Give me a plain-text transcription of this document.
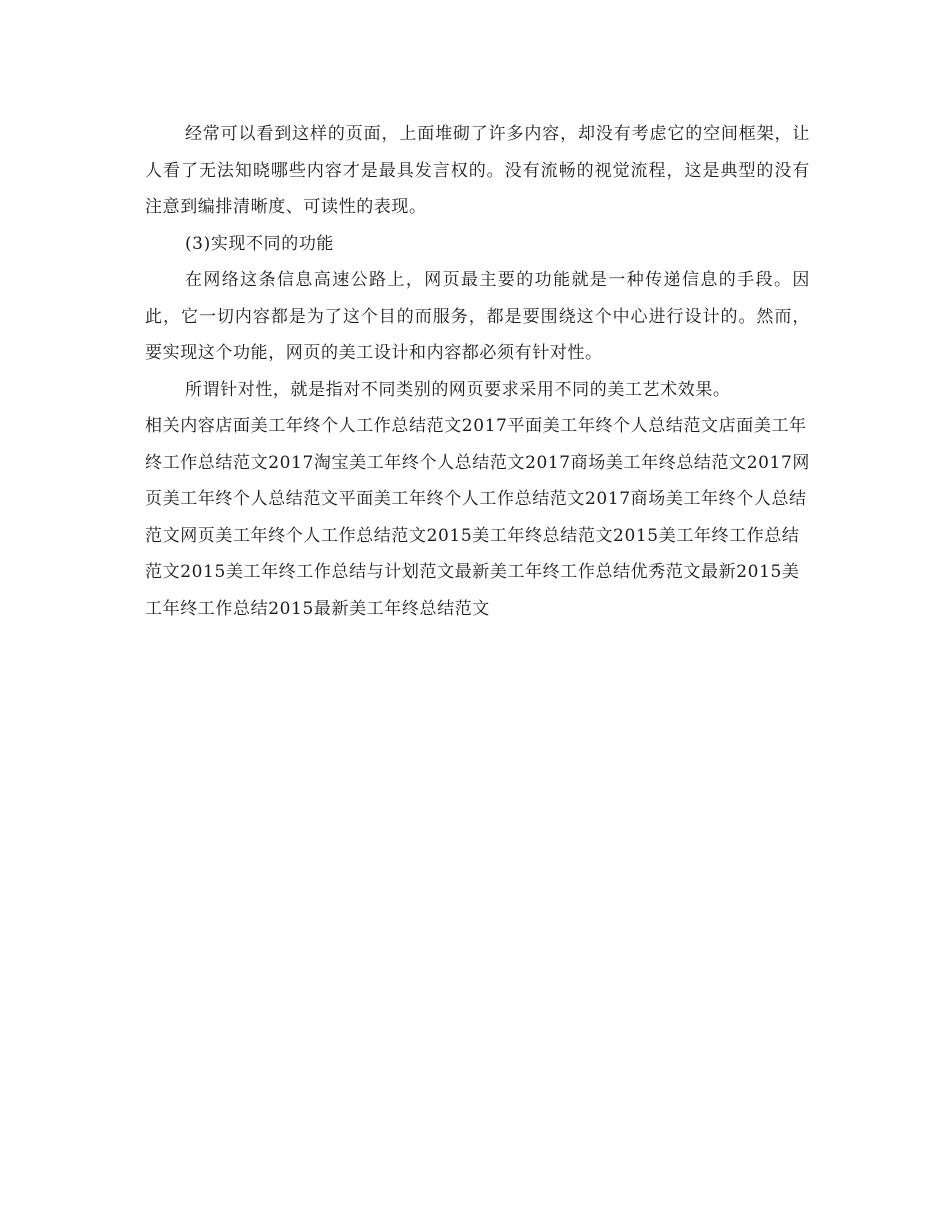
经常可以看到这样的页面，上面堆砌了许多内容，却没有考虑它的空间框架，让人看了无法知晓哪些内容才是最具发言权的。没有流畅的视觉流程，这是典型的没有注意到编排清晰度、可读性的表现。

(3)实现不同的功能

在网络这条信息高速公路上，网页最主要的功能就是一种传递信息的手段。因此，它一切内容都是为了这个目的而服务，都是要围绕这个中心进行设计的。然而，要实现这个功能，网页的美工设计和内容都必须有针对性。

所谓针对性，就是指对不同类别的网页要求采用不同的美工艺术效果。

相关内容店面美工年终个人工作总结范文2017平面美工年终个人总结范文店面美工年终工作总结范文2017淘宝美工年终个人总结范文2017商场美工年终总结范文2017网页美工年终个人总结范文平面美工年终个人工作总结范文2017商场美工年终个人总结范文网页美工年终个人工作总结范文2015美工年终总结范文2015美工年终工作总结范文2015美工年终工作总结与计划范文最新美工年终工作总结优秀范文最新2015美工年终工作总结2015最新美工年终总结范文
